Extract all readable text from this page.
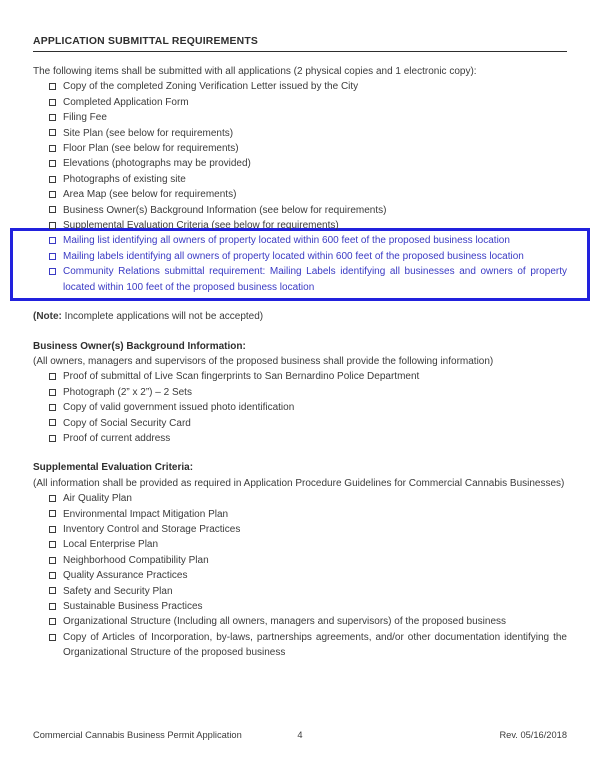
APPLICATION SUBMITTAL REQUIREMENTS
The following items shall be submitted with all applications (2 physical copies and 1 electronic copy):
Copy of the completed Zoning Verification Letter issued by the City
Completed Application Form
Filing Fee
Site Plan (see below for requirements)
Floor Plan (see below for requirements)
Elevations (photographs may be provided)
Photographs of existing site
Area Map (see below for requirements)
Business Owner(s) Background Information (see below for requirements)
Supplemental Evaluation Criteria (see below for requirements)
Mailing list identifying all owners of property located within 600 feet of the proposed business location
Mailing labels identifying all owners of property located within 600 feet of the proposed business location
Community Relations submittal requirement: Mailing Labels identifying all businesses and owners of property located within 100 feet of the proposed business location
(Note: Incomplete applications will not be accepted)
Business Owner(s) Background Information:
(All owners, managers and supervisors of the proposed business shall provide the following information)
Proof of submittal of Live Scan fingerprints to San Bernardino Police Department
Photograph (2” x 2”) – 2 Sets
Copy of valid government issued photo identification
Copy of Social Security Card
Proof of current address
Supplemental Evaluation Criteria:
(All information shall be provided as required in Application Procedure Guidelines for Commercial Cannabis Businesses)
Air Quality Plan
Environmental Impact Mitigation Plan
Inventory Control and Storage Practices
Local Enterprise Plan
Neighborhood Compatibility Plan
Quality Assurance Practices
Safety and Security Plan
Sustainable Business Practices
Organizational Structure (Including all owners, managers and supervisors) of the proposed business
Copy of Articles of Incorporation, by-laws, partnerships agreements, and/or other documentation identifying the Organizational Structure of the proposed business
Commercial Cannabis Business Permit Application	4	Rev. 05/16/2018
